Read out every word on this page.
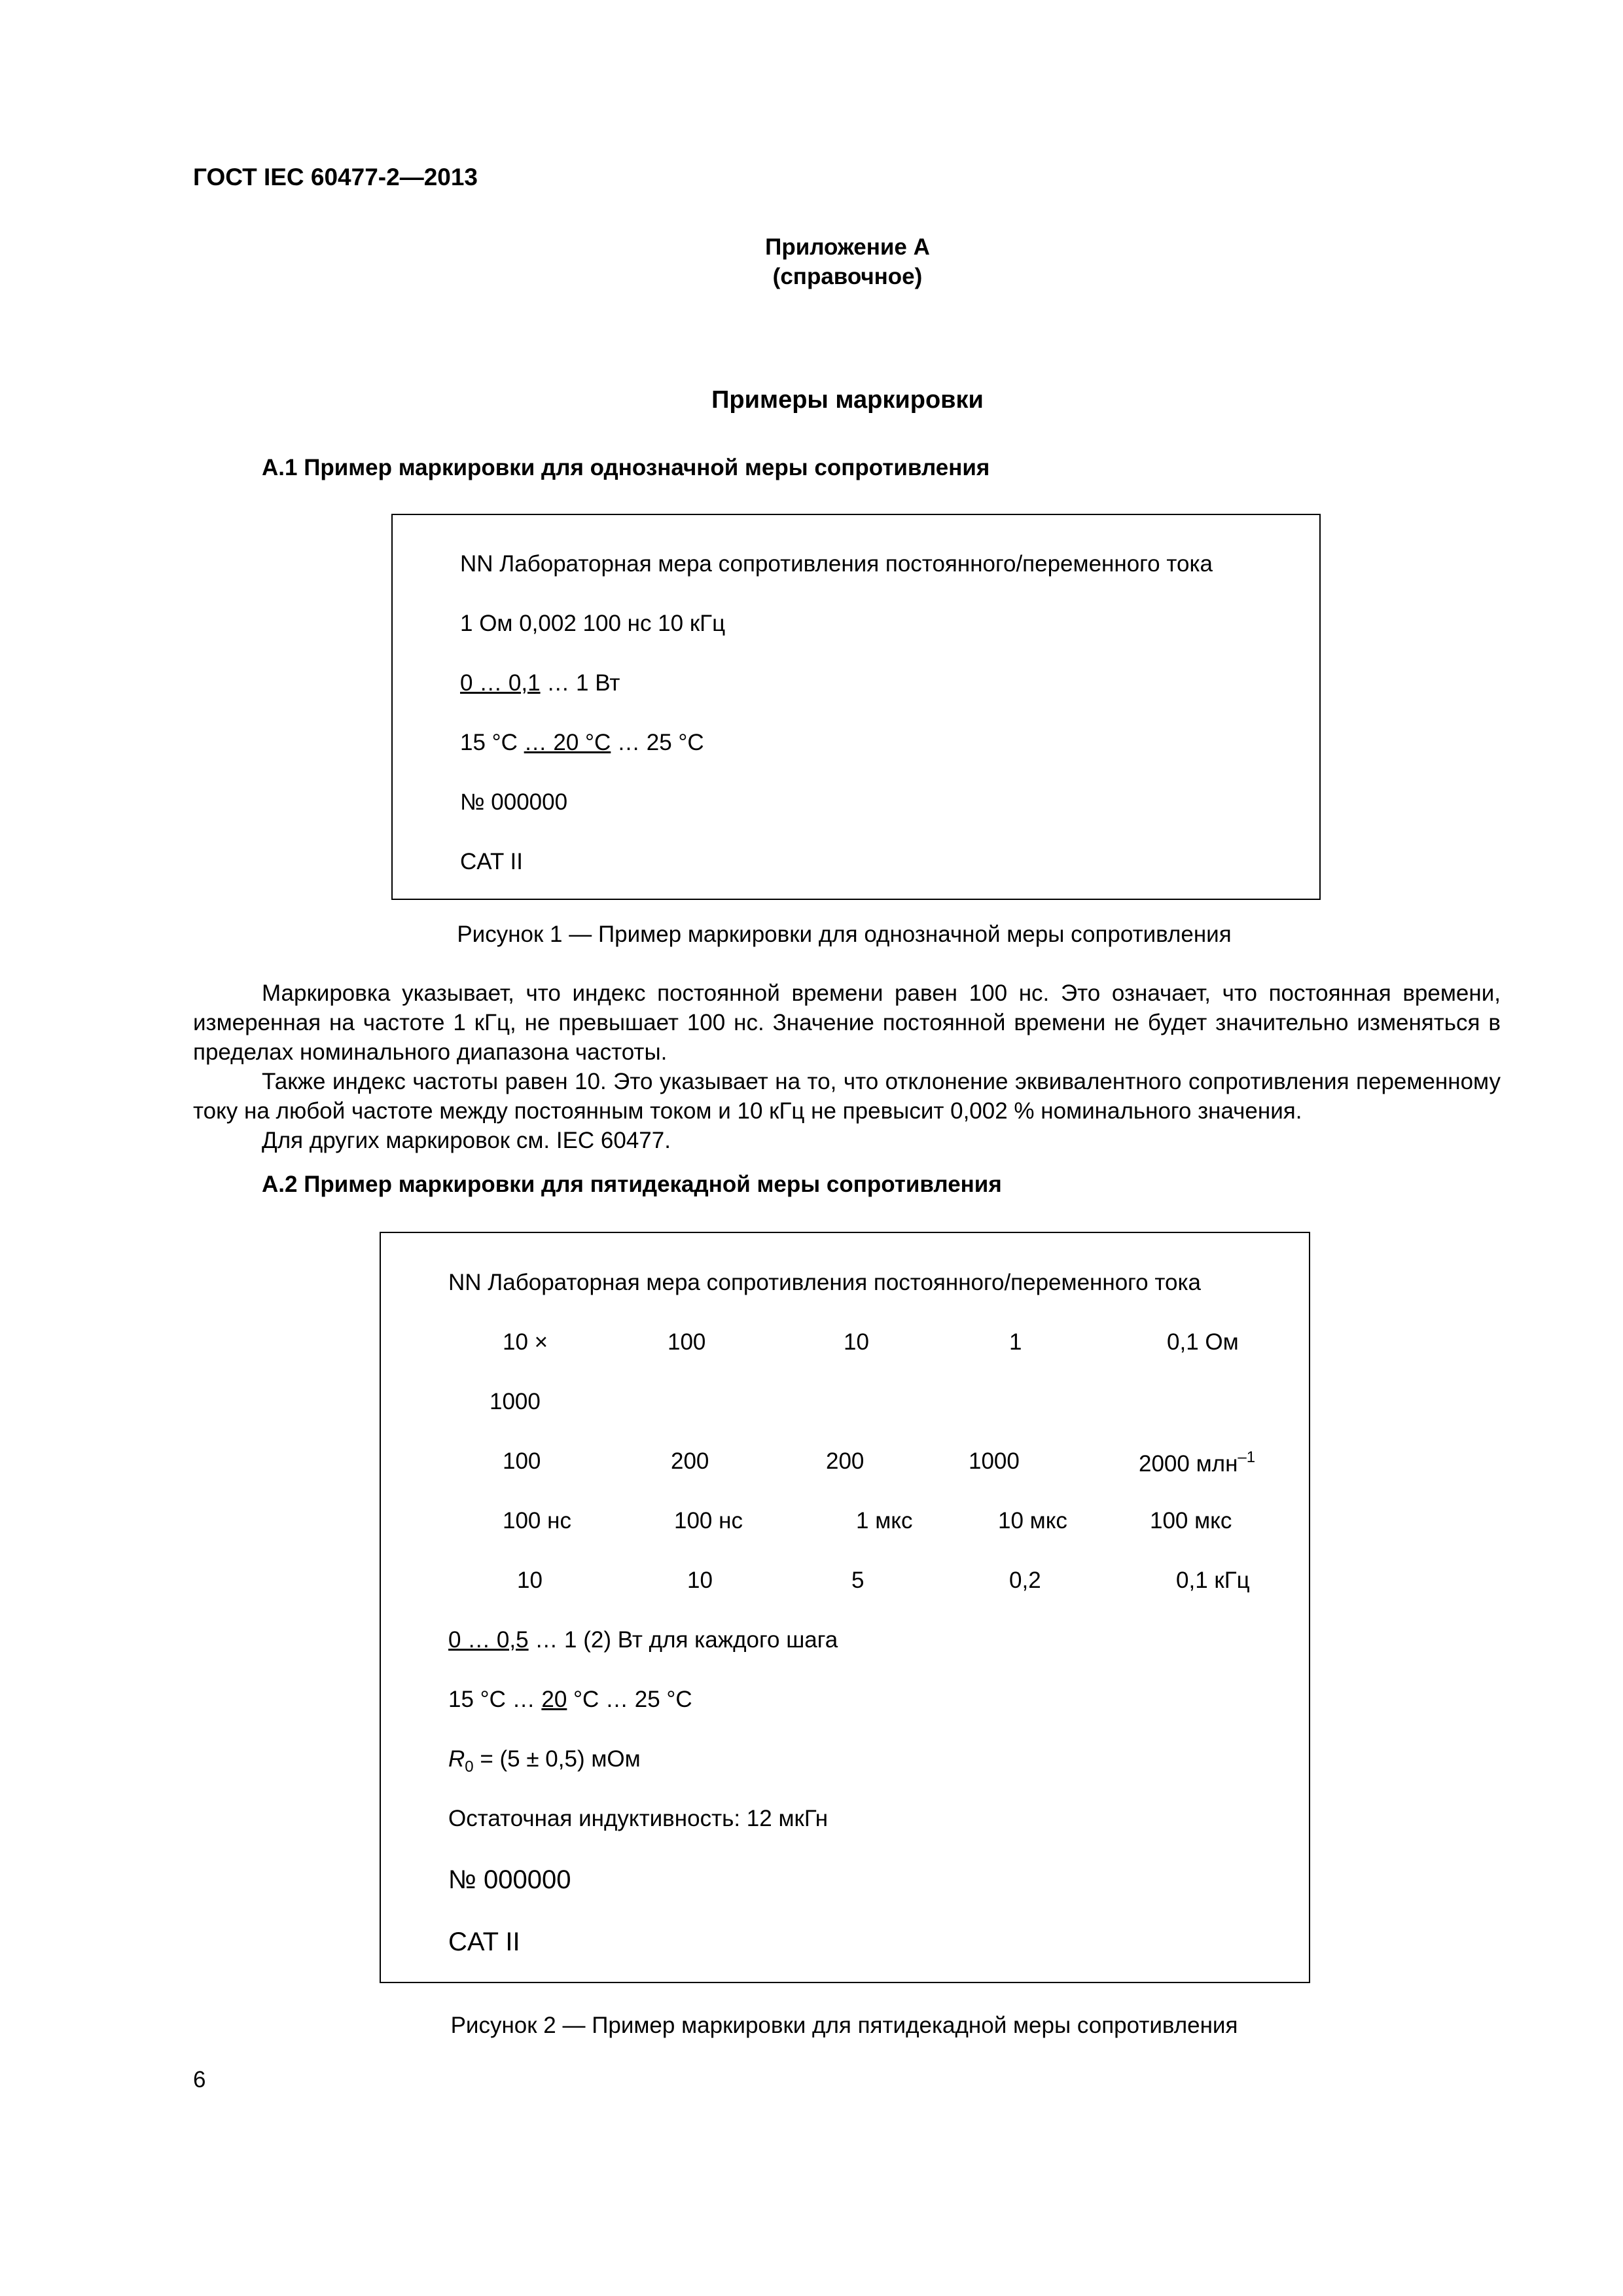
ГОСТ IEC 60477-2—2013
Приложение А
(справочное)
Примеры маркировки
А.1 Пример маркировки для однозначной меры сопротивления
NN Лабораторная мера сопротивления постоянного/переменного тока
1 Ом 0,002 100 нс 10 кГц
0 … 0,1 … 1 Вт
15 °С … 20 °С … 25 °С
№ 000000
CAT II
Рисунок 1 — Пример маркировки для однозначной меры сопротивления

Маркировка указывает, что индекс постоянной времени равен 100 нс. Это означает, что постоянная времени, измеренная на частоте 1 кГц, не превышает 100 нс. Значение постоянной времени не будет значительно изменяться в пределах номинального диапазона частоты.

Также индекс частоты равен 10. Это указывает на то, что отклонение эквивалентного сопротивления переменному току на любой частоте между постоянным током и 10 кГц не превысит 0,002 % номинального значения.

Для других маркировок см. IEC 60477.

А.2 Пример маркировки для пятидекадной меры сопротивления
NN Лабораторная мера сопротивления постоянного/переменного тока
10 ×	100	10	1	0,1 Ом
1000
100	200	200	1000	2000 млн$^{-1}$
100 нс	100 нс	1 мкс	10 мкс	100 мкс
10	10	5	0,2	0,1 кГц
0 … 0,5 … 1 (2) Вт для каждого шага
15 °С … 20 °С … 25 °С
$R_0 = (5 \pm 0,5)$ мОм
Остаточная индуктивность: 12 мкГн
№ 000000
CAT II
Рисунок 2 — Пример маркировки для пятидекадной меры сопротивления
6
